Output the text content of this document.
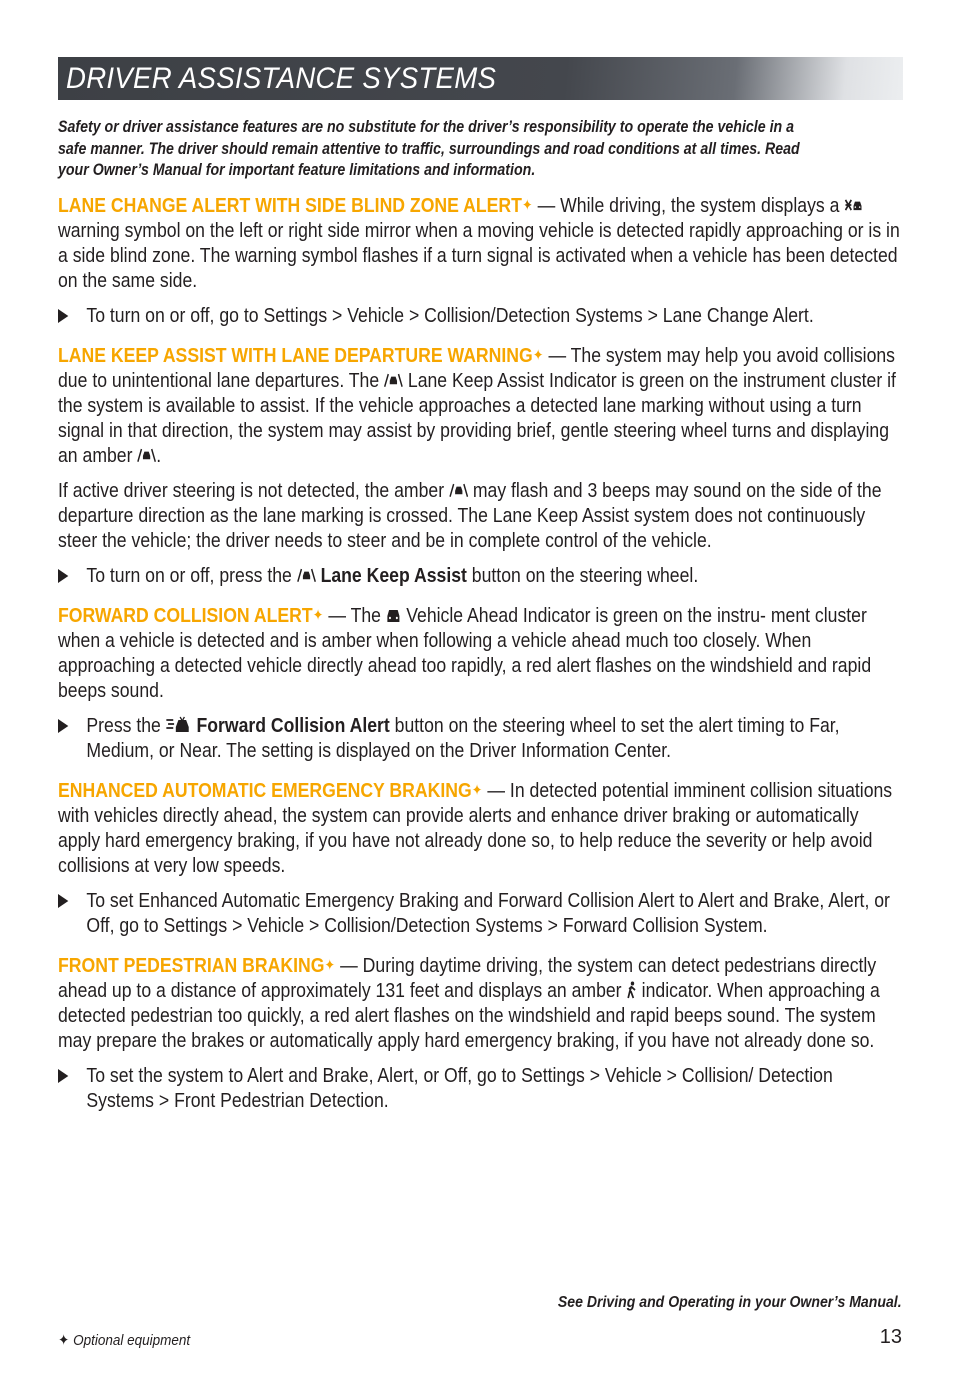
DRIVER ASSISTANCE SYSTEMS
Safety or driver assistance features are no substitute for the driver’s responsibility to operate the vehicle in a safe manner. The driver should remain attentive to traffic, surroundings and road conditions at all times. Read your Owner’s Manual for important feature limitations and information.

LANE CHANGE ALERT WITH SIDE BLIND ZONE ALERT✦ — While driving, the system displays a
warning symbol on the left or right side mirror when a moving vehicle is detected rapidly approaching or is in a side blind zone. The warning symbol flashes if a turn signal is activated when a vehicle has been detected on the same side.

To turn on or off, go to Settings > Vehicle > Collision/Detection Systems > Lane Change Alert.

LANE KEEP ASSIST WITH LANE DEPARTURE WARNING✦ — The system may help you avoid collisions due to unintentional lane departures. The
Lane Keep Assist Indicator is green on the instrument cluster if the system is available to assist. If the vehicle approaches a detected lane marking without using a turn signal in that direction, the system may assist by providing brief, gentle steering wheel turns and displaying an amber
.

If active driver steering is not detected, the amber
may flash and 3 beeps may sound on the side of the departure direction as the lane marking is crossed. The Lane Keep Assist system does not continuously steer the vehicle; the driver needs to steer and be in complete control of the vehicle.

To turn on or off, press the
Lane Keep Assist button on the steering wheel.

FORWARD COLLISION ALERT✦ — The
Vehicle Ahead Indicator is green on the instru- ment cluster when a vehicle is detected and is amber when following a vehicle ahead much too closely. When approaching a detected vehicle directly ahead too rapidly, a red alert flashes on the windshield and rapid beeps sound.

Press the
Forward Collision Alert button on the steering wheel to set the alert timing to Far, Medium, or Near. The setting is displayed on the Driver Information Center.

ENHANCED AUTOMATIC EMERGENCY BRAKING✦ — In detected potential imminent collision situations with vehicles directly ahead, the system can provide alerts and enhance driver braking or automatically apply hard emergency braking, if you have not already done so, to help reduce the severity or help avoid collisions at very low speeds.

To set Enhanced Automatic Emergency Braking and Forward Collision Alert to Alert and Brake, Alert, or Off, go to Settings > Vehicle > Collision/Detection Systems > Forward Collision System.

FRONT PEDESTRIAN BRAKING✦ — During daytime driving, the system can detect pedestrians directly ahead up to a distance of approximately 131 feet and displays an amber
indicator. When approaching a detected pedestrian too quickly, a red alert flashes on the windshield and rapid beeps sound. The system may prepare the brakes or automatically apply hard emergency braking, if you have not already done so.

To set the system to Alert and Brake, Alert, or Off, go to Settings > Vehicle > Collision/ Detection Systems > Front Pedestrian Detection.
See Driving and Operating in your Owner’s Manual.
✦ Optional equipment	13
